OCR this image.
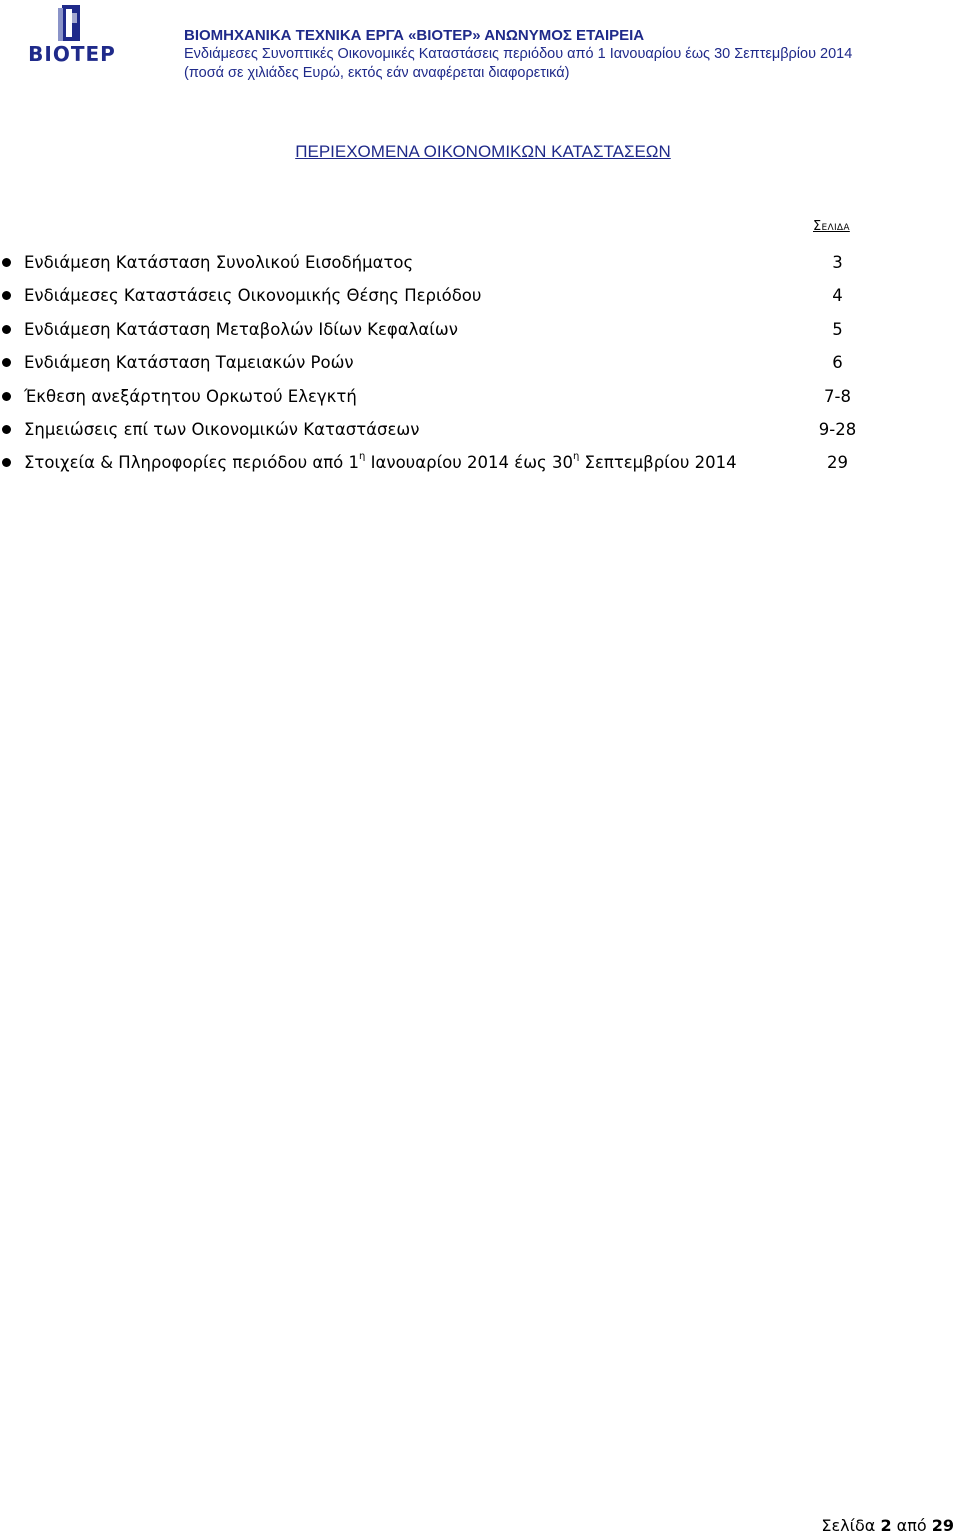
ΒΙΟΤΕΡ
ΒΙΟΜΗΧΑΝΙΚΑ ΤΕΧΝΙΚΑ ΕΡΓΑ «ΒΙΟΤΕΡ» ΑΝΩΝΥΜΟΣ ΕΤΑΙΡΕΙΑ
Ενδιάμεσες Συνοπτικές Οικονομικές Καταστάσεις περιόδου από 1 Ιανουαρίου έως 30 Σεπτεμβρίου 2014
(ποσά σε χιλιάδες Ευρώ, εκτός εάν αναφέρεται διαφορετικά)
ΠΕΡΙΕΧΟΜΕΝΑ ΟΙΚΟΝΟΜΙΚΩΝ ΚΑΤΑΣΤΑΣΕΩΝ
Σελιδα
Ενδιάμεση Κατάσταση Συνολικού Εισοδήματος	3
Ενδιάμεσες Καταστάσεις Οικονομικής Θέσης Περιόδου	4
Ενδιάμεση Κατάσταση Μεταβολών Ιδίων Κεφαλαίων	5
Ενδιάμεση Κατάσταση Ταμειακών Ροών	6
Έκθεση ανεξάρτητου Ορκωτού Ελεγκτή	7-8
Σημειώσεις επί των Οικονομικών Καταστάσεων	9-28
Στοιχεία & Πληροφορίες περιόδου από $1^\eta$ Ιανουαρίου 2014 έως $30^\eta$ Σεπτεμβρίου 2014	29
Σελίδα 2 από 29
